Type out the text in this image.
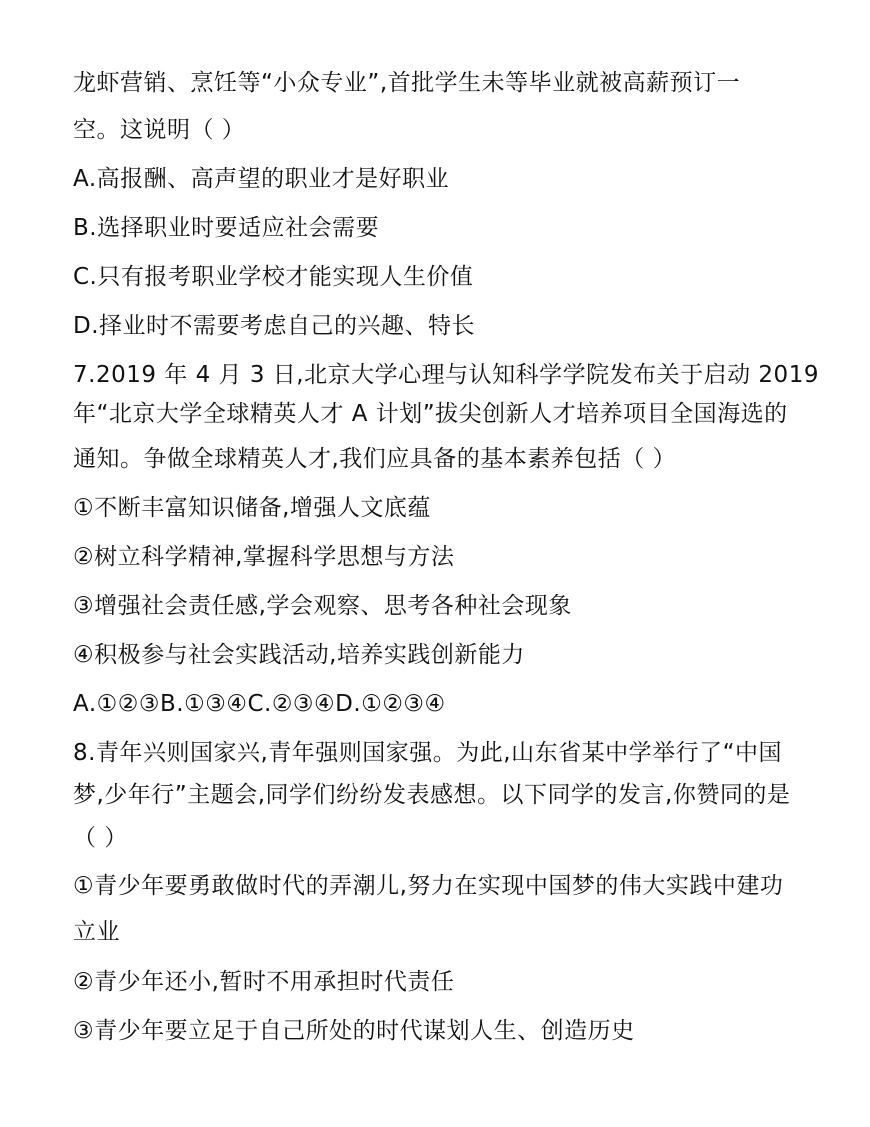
龙虾营销、烹饪等“小众专业”,首批学生未等毕业就被高薪预订一
空。这说明（ ）
A.高报酬、高声望的职业才是好职业
B.选择职业时要适应社会需要
C.只有报考职业学校才能实现人生价值
D.择业时不需要考虑自己的兴趣、特长
7.2019 年 4 月 3 日,北京大学心理与认知科学学院发布关于启动 2019
年“北京大学全球精英人才 A 计划”拔尖创新人才培养项目全国海选的
通知。争做全球精英人才,我们应具备的基本素养包括（ ）
①不断丰富知识储备,增强人文底蕴
②树立科学精神,掌握科学思想与方法
③增强社会责任感,学会观察、思考各种社会现象
④积极参与社会实践活动,培养实践创新能力
A.①②③B.①③④C.②③④D.①②③④
8.青年兴则国家兴,青年强则国家强。为此,山东省某中学举行了“中国
梦,少年行”主题会,同学们纷纷发表感想。以下同学的发言,你赞同的是
（ ）
①青少年要勇敢做时代的弄潮儿,努力在实现中国梦的伟大实践中建功
立业
②青少年还小,暂时不用承担时代责任
③青少年要立足于自己所处的时代谋划人生、创造历史
